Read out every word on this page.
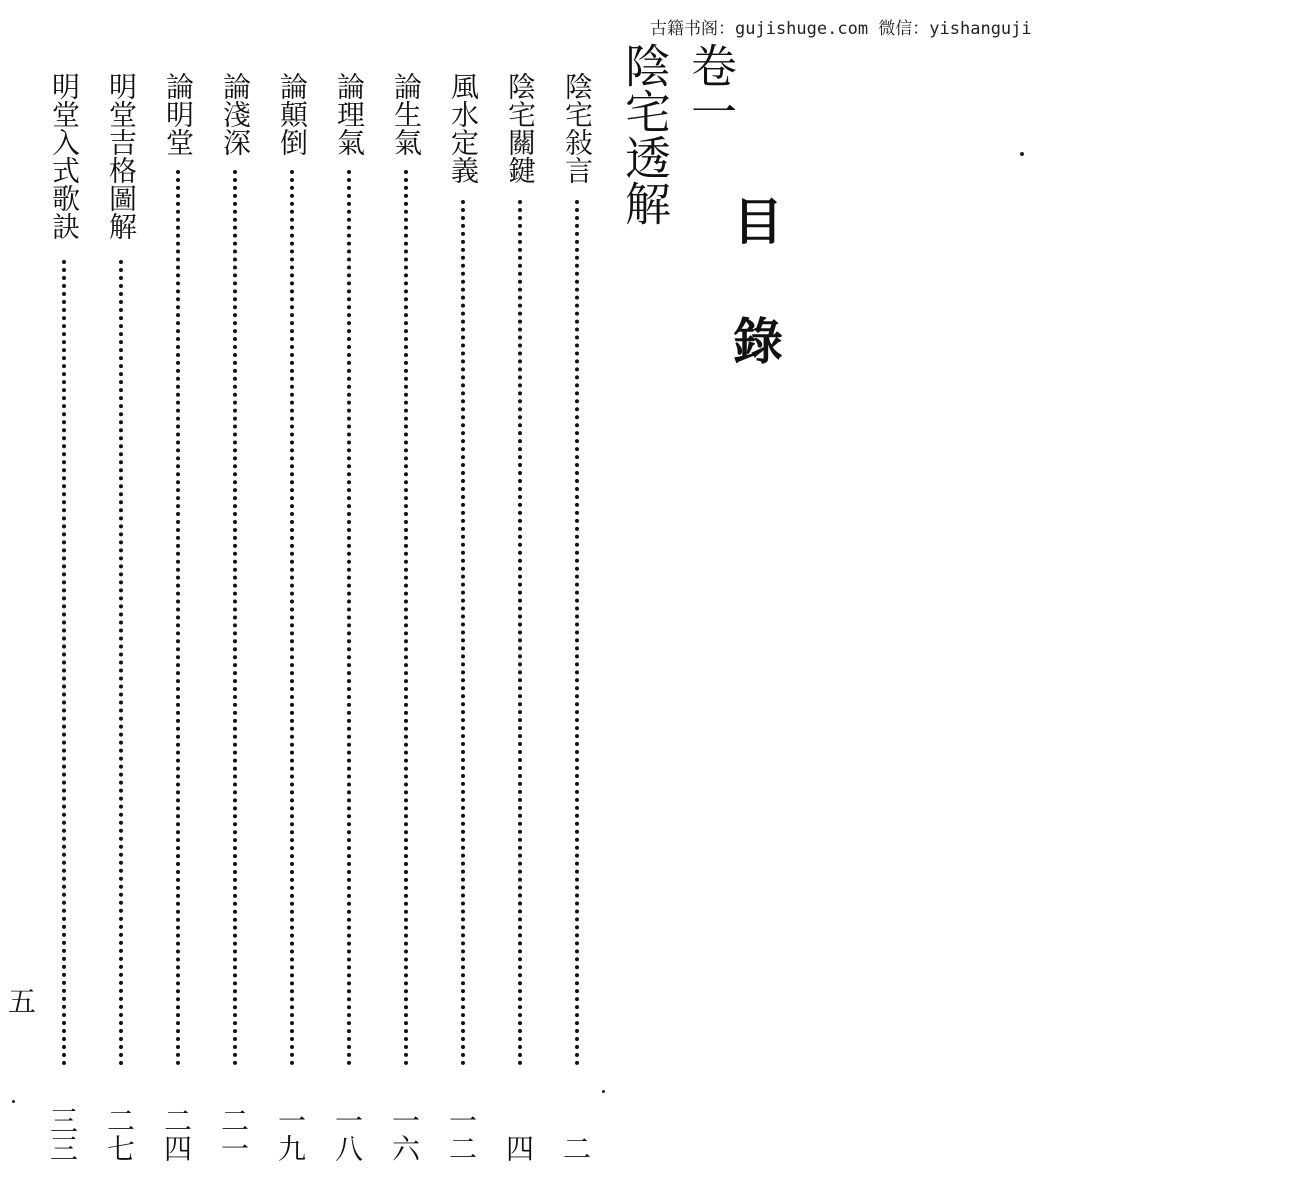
古籍书阁：gujishuge.com 微信：yishanguji
目錄
卷一
陰宅透解
陰宅敍言
二
陰宅關鍵
四
風水定義
一二
論生氣
一六
論理氣
一八
論顛倒
一九
論淺深
二一
論明堂
二四
明堂吉格圖解
二七
明堂入式歌訣
三三
五
